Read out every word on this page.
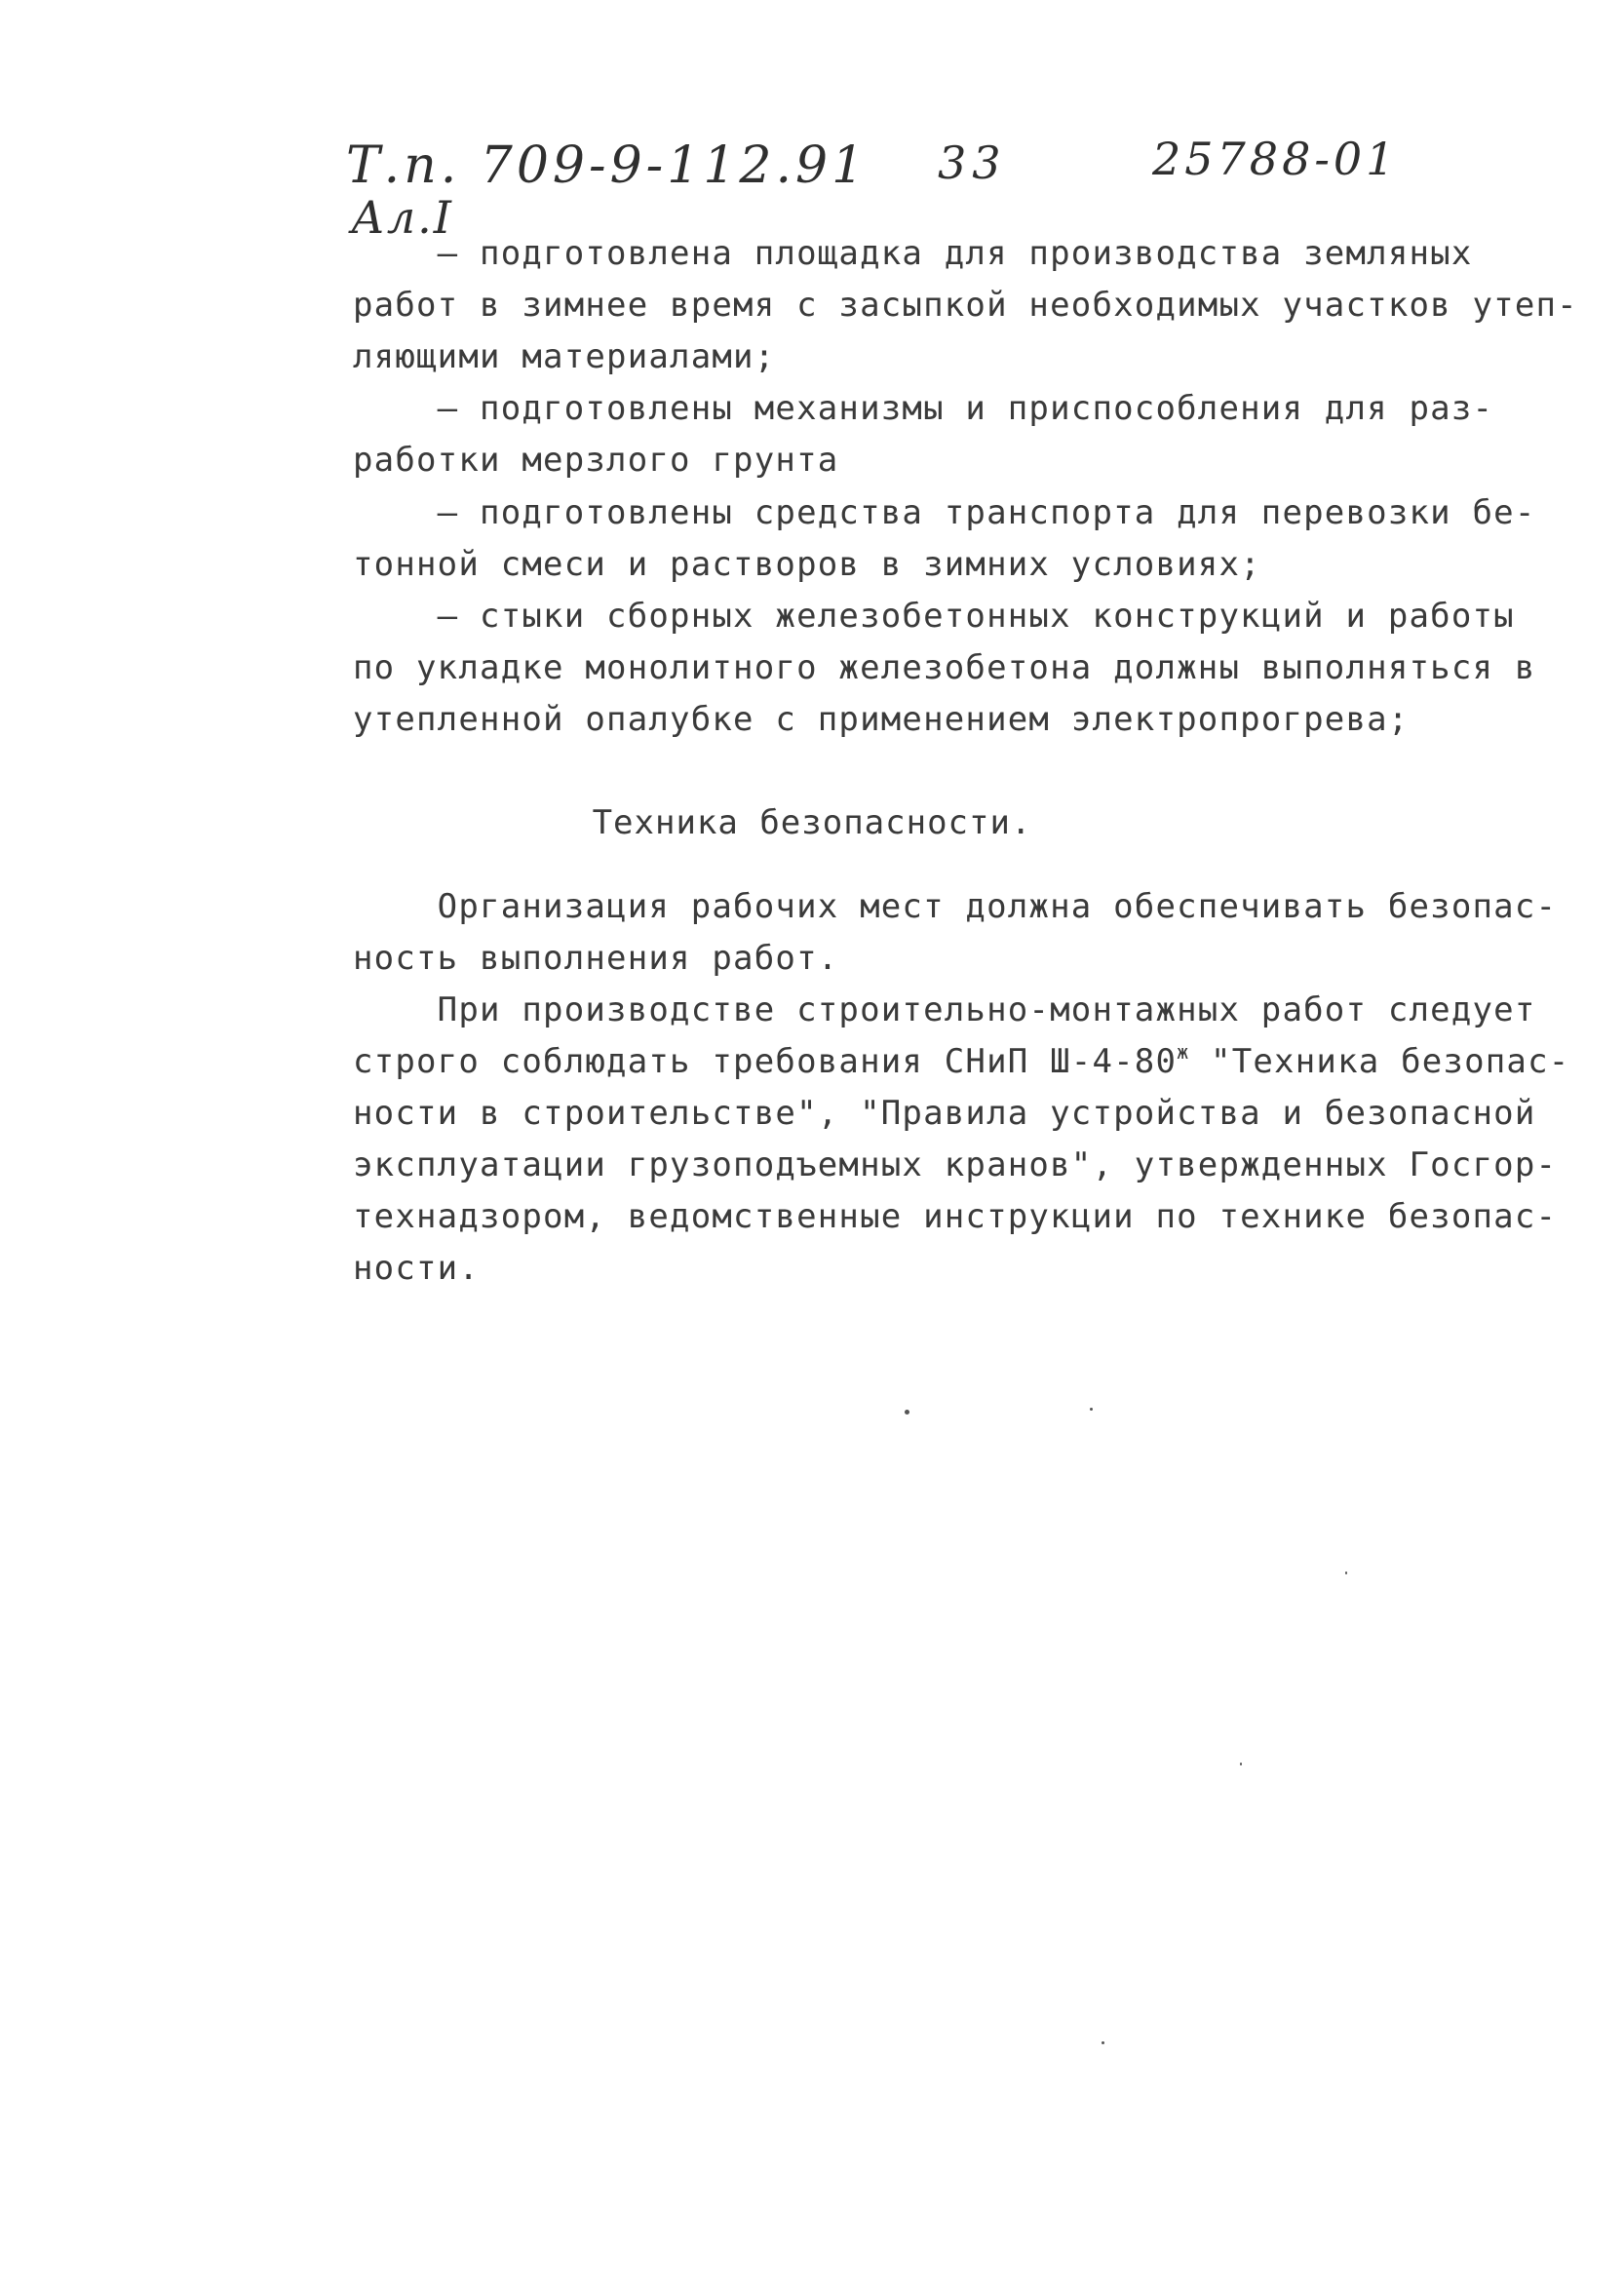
Т.п. 709-9-112.91
Ал.I
33	25788-01
– подготовлена площадка для производства земляных
работ в зимнее время с засыпкой необходимых участков утеп-
ляющими материалами;
– подготовлены механизмы и приспособления для раз-
работки мерзлого грунта
– подготовлены средства транспорта для перевозки бе-
тонной смеси и растворов в зимних условиях;
– стыки сборных железобетонных конструкций и работы
по укладке монолитного железобетона должны выполняться в
утепленной опалубке с применением электропрогрева;
Техника безопасности.
Организация рабочих мест должна обеспечивать безопас-
ность выполнения работ.
При производстве строительно-монтажных работ следует
строго соблюдать требования СНиП $Ш-4-80^ж$ "Техника безопас-
ности в строительстве", "Правила устройства и безопасной
эксплуатации грузоподъемных кранов", утвержденных Госгор-
технадзором, ведомственные инструкции по технике безопас-
ности.
